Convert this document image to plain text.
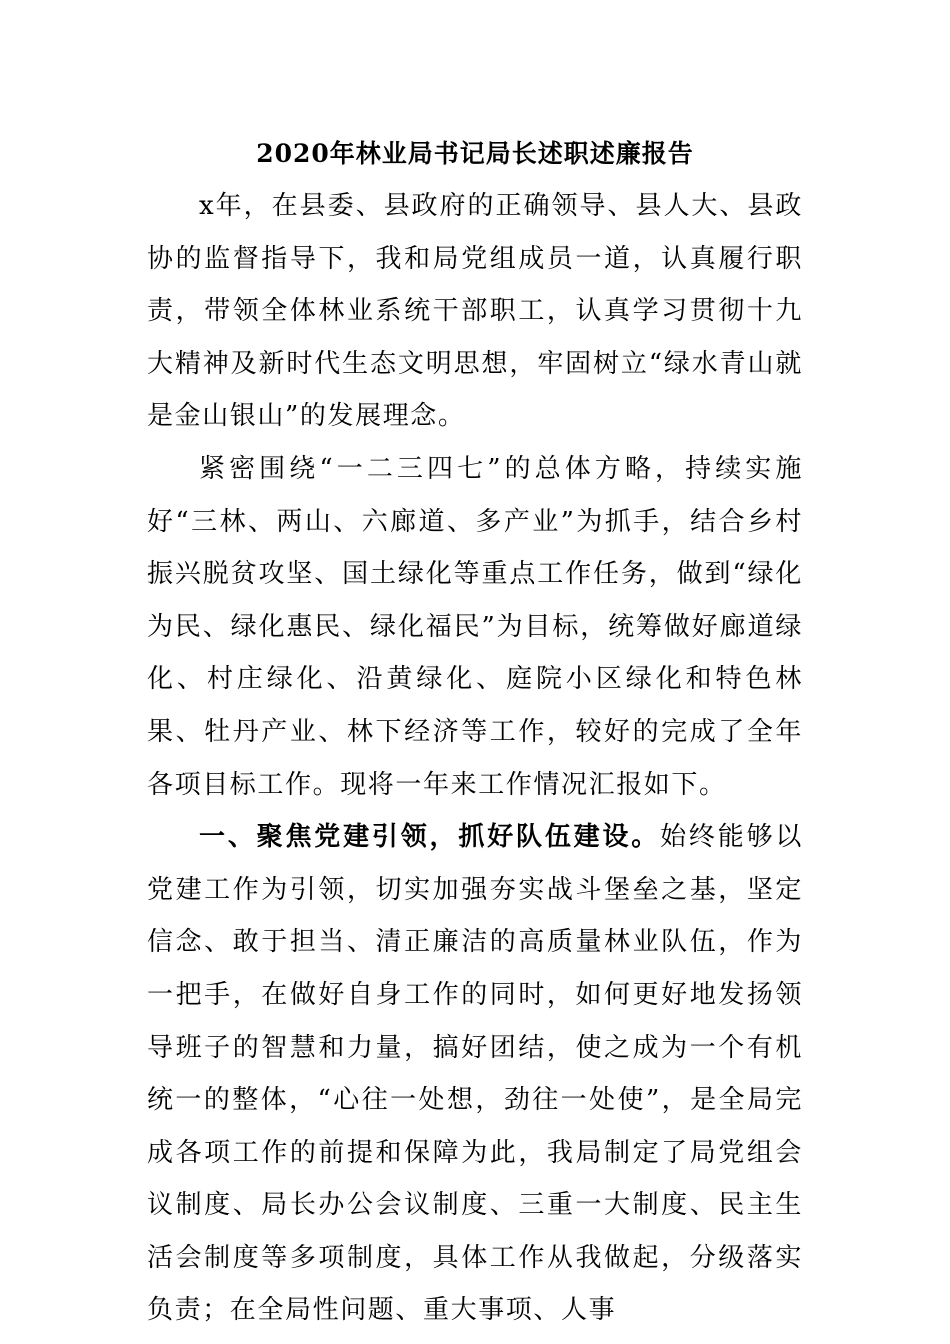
2020年林业局书记局长述职述廉报告

x年，在县委、县政府的正确领导、县人大、县政协的监督指导下，我和局党组成员一道，认真履行职责，带领全体林业系统干部职工，认真学习贯彻十九大精神及新时代生态文明思想，牢固树立“绿水青山就是金山银山”的发展理念。

紧密围绕“一二三四七”的总体方略，持续实施好“三林、两山、六廊道、多产业”为抓手，结合乡村振兴脱贫攻坚、国土绿化等重点工作任务，做到“绿化为民、绿化惠民、绿化福民”为目标，统筹做好廊道绿化、村庄绿化、沿黄绿化、庭院小区绿化和特色林果、牡丹产业、林下经济等工作，较好的完成了全年各项目标工作。现将一年来工作情况汇报如下。

一、聚焦党建引领，抓好队伍建设。始终能够以党建工作为引领，切实加强夯实战斗堡垒之基，坚定信念、敢于担当、清正廉洁的高质量林业队伍，作为一把手，在做好自身工作的同时，如何更好地发扬领导班子的智慧和力量，搞好团结，使之成为一个有机统一的整体，“心往一处想，劲往一处使”，是全局完成各项工作的前提和保障为此，我局制定了局党组会议制度、局长办公会议制度、三重一大制度、民主生活会制度等多项制度，具体工作从我做起，分级落实负责；在全局性问题、重大事项、人事
